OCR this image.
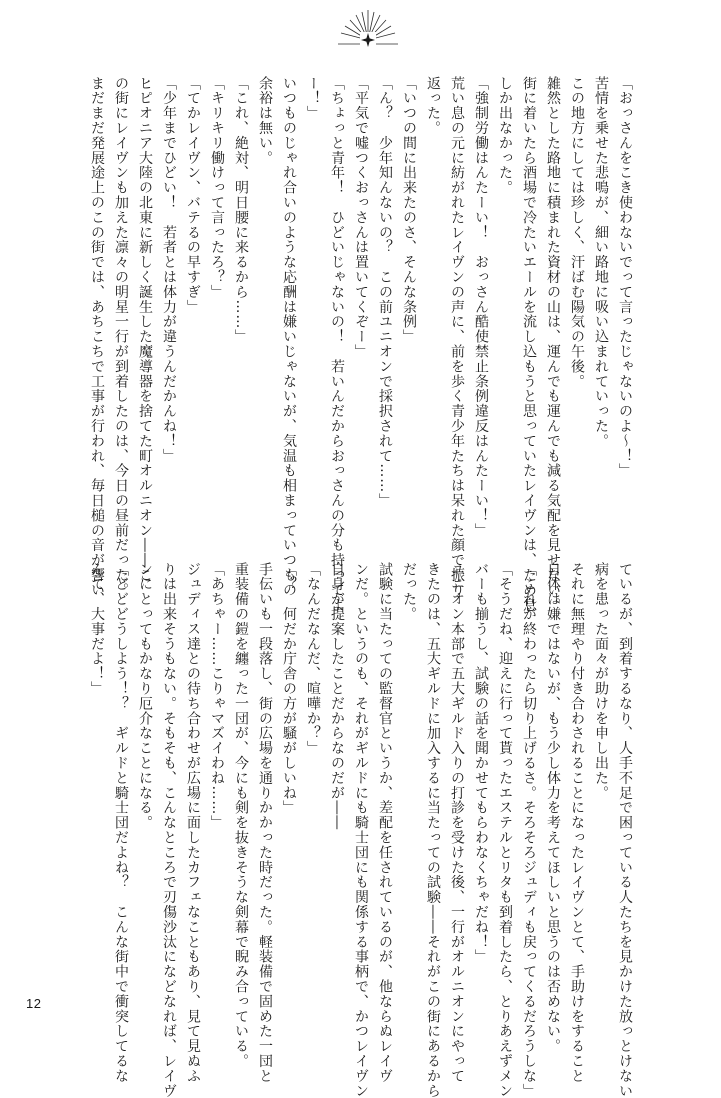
「おっさんをこき使わないでって言ったじゃないのよ〜！」

苦情を乗せた悲鳴が、細い路地に吸い込まれていった。

この地方にしては珍しく、汗ばむ陽気の午後。

雑然とした路地に積まれた資材の山は、運んでも運んでも減る気配を見せない。

街に着いたら酒場で冷たいエールを流し込もうと思っていたレイヴンは、ため息

しか出なかった。

「強制労働はんたーい！　おっさん酷使禁止条例違反はんたーい！」

荒い息の元に紡がれたレイヴンの声に、前を歩く青少年たちは呆れた顔で振り

返った。

「いつの間に出来たのさ、そんな条例」

「ん？　少年知んないの？　この前ユニオンで採択されて……」

「平気で嘘つくおっさんは置いてくぞー」

「ちょっと青年！　ひどいじゃないの！　若いんだからおっさんの分も持ってよ

ー！」

いつものじゃれ合いのような応酬は嫌いじゃないが、気温も相まっていつもの

余裕は無い。

「これ、絶対、明日腰に来るから……」

「キリキリ働けって言ったろ？」

「てかレイヴン、バテるの早すぎ」

「少年までひどい！　若者とは体力が違うんだかんね！」

ヒピオニア大陸の北東に新しく誕生した魔導器を捨てた町オルニオン――こ

の街にレイヴンも加えた凛々の明星一行が到着したのは、今日の昼前だった。

まだまだ発展途上のこの街では、あちこちで工事が行われ、毎日槌の音が響い

ているが、到着するなり、人手不足で困っている人たちを見かけた放っとけない

病を患った面々が助けを申し出た。

それに無理やり付き合わされることになったレイヴンとて、手助けをすること

自体は嫌ではないが、もう少し体力を考えてほしいと思うのは否めない。

「これが終わったら切り上げるさ。そろそろジュディも戻ってくるだろうしな」

「そうだね、迎えに行って貰ったエステルとリタも到着したら、とりあえずメン

バーも揃うし、試験の話を聞かせてもらわなくちゃだね！」

ユニオン本部で五大ギルド入りの打診を受けた後、一行がオルニオンにやって

きたのは、五大ギルドに加入するに当たっての試験――それがこの街にあるから

だった。

試験に当たっての監督官というか、差配を任されているのが、他ならぬレイヴ

ンだ。というのも、それがギルドにも騎士団にも関係する事柄で、かつレイヴン

自身が提案したことだからなのだが――

「なんだなんだ、喧嘩か？」

「？　何だか庁舎の方が騒がしいね」

手伝いも一段落し、街の広場を通りかかった時だった。軽装備で固めた一団と

重装備の鎧を纏った一団が、今にも剣を抜きそうな剣幕で睨み合っている。

「あちゃー……こりゃマズイわね……」

ジュディス達との待ち合わせが広場に面したカフェなこともあり、見て見ぬふ

りは出来そうもない。そもそも、こんなところで刃傷沙汰になどなれば、レイヴ

ンにとってもかなり厄介なことになる。

「どどどうしよう！？　ギルドと騎士団だよね？　こんな街中で衝突してるな

んて、大事だよ！」

12
